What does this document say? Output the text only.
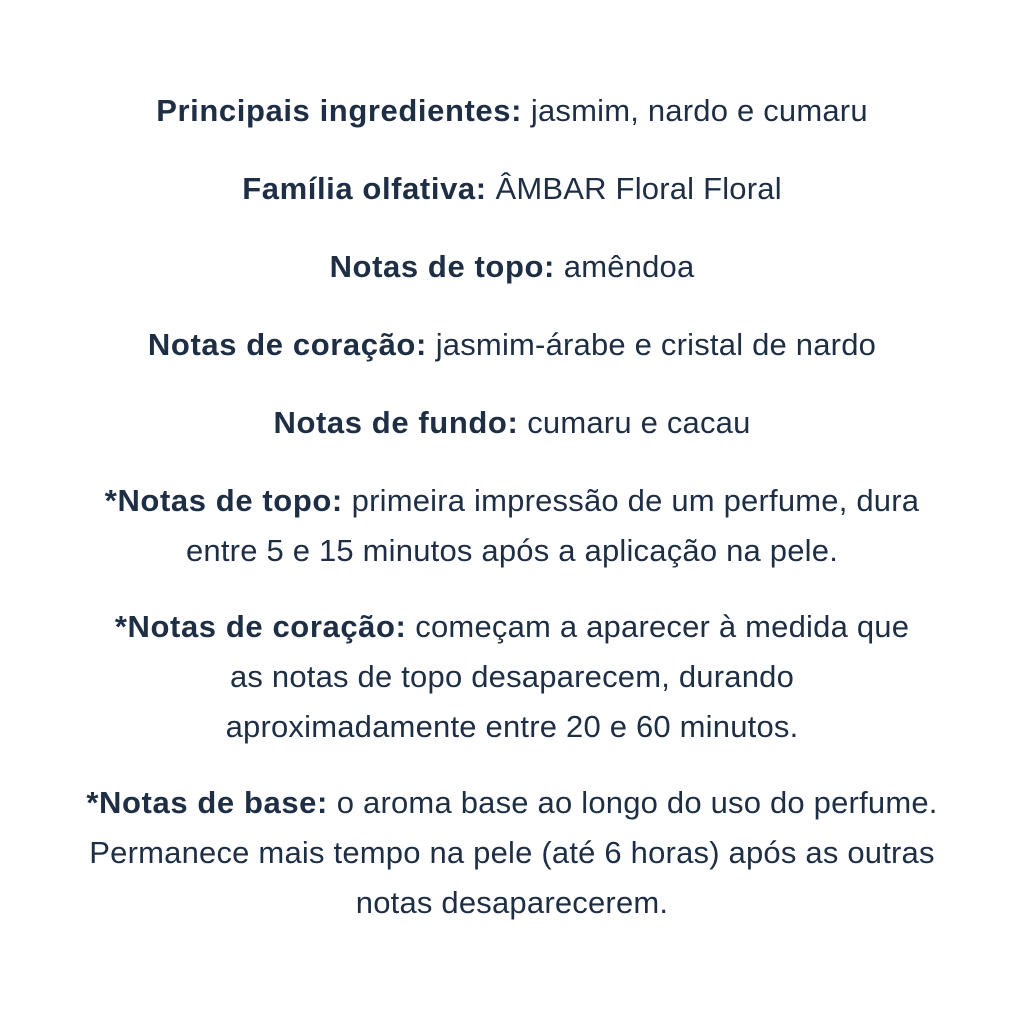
Principais ingredientes: jasmim, nardo e cumaru

Família olfativa: ÂMBAR Floral Floral

Notas de topo: amêndoa

Notas de coração: jasmim-árabe e cristal de nardo

Notas de fundo: cumaru e cacau

*Notas de topo: primeira impressão de um perfume, dura entre 5 e 15 minutos após a aplicação na pele.

*Notas de coração: começam a aparecer à medida que as notas de topo desaparecem, durando aproximadamente entre 20 e 60 minutos.

*Notas de base: o aroma base ao longo do uso do perfume. Permanece mais tempo na pele (até 6 horas) após as outras notas desaparecerem.
